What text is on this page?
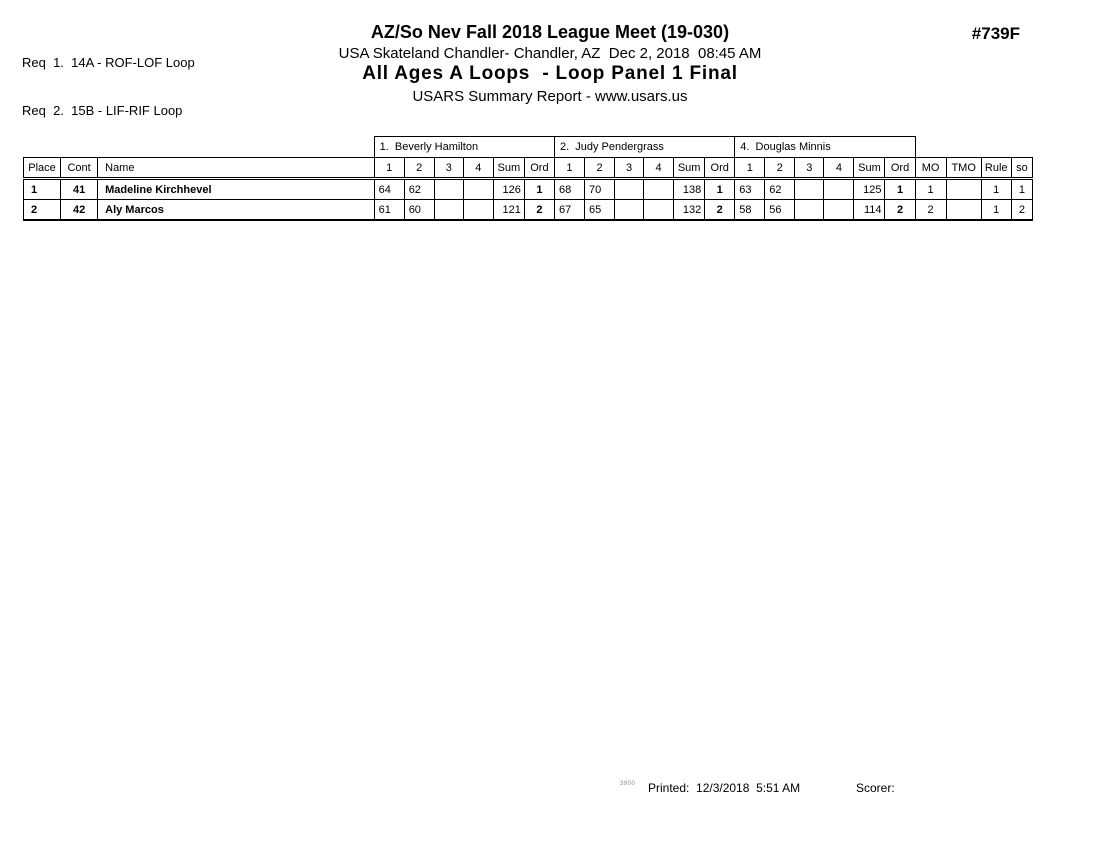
Req  1.  14A - ROF-LOF Loop

Req  2.  15B - LIF-RIF Loop

AZ/So Nev Fall 2018 League Meet (19-030)
USA Skateland Chandler- Chandler, AZ  Dec 2, 2018  08:45 AM
All Ages A Loops  - Loop Panel 1 Final
USARS Summary Report - www.usars.us
#739F
			1.  Beverly Hamilton						2.  Judy Pendergrass						4.  Douglas Minnis									
Place	Cont	Name	1	2	3	4	Sum	Ord	1	2	3	4	Sum	Ord	1	2	3	4	Sum	Ord	MO	TMO	Rule	so
1	41	Madeline Kirchhevel	64	62			126	1	68	70			138	1	63	62			125	1	1		1	1
2	42	Aly Marcos	61	60			121	2	67	65			132	2	58	56			114	2	2		1	2
3900 Printed:  12/3/2018  5:51 AM	Scorer:
